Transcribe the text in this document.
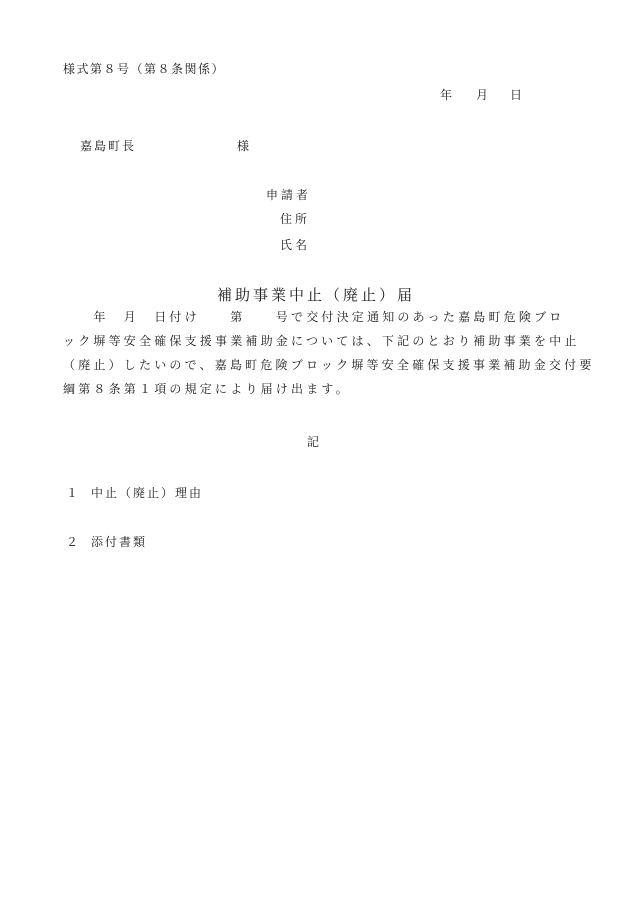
様式第８号（第８条関係）
年 月 日
嘉島町長	様
申請者
住所
氏名
補助事業中止（廃止）届
　　年　月　日付け　　第　　号で交付決定通知のあった嘉島町危険ブロ
ック塀等安全確保支援事業補助金については、下記のとおり補助事業を中止
（廃止）したいので、嘉島町危険ブロック塀等安全確保支援事業補助金交付要
綱第８条第１項の規定により届け出ます。
記
１ 中止（廃止）理由
２ 添付書類
